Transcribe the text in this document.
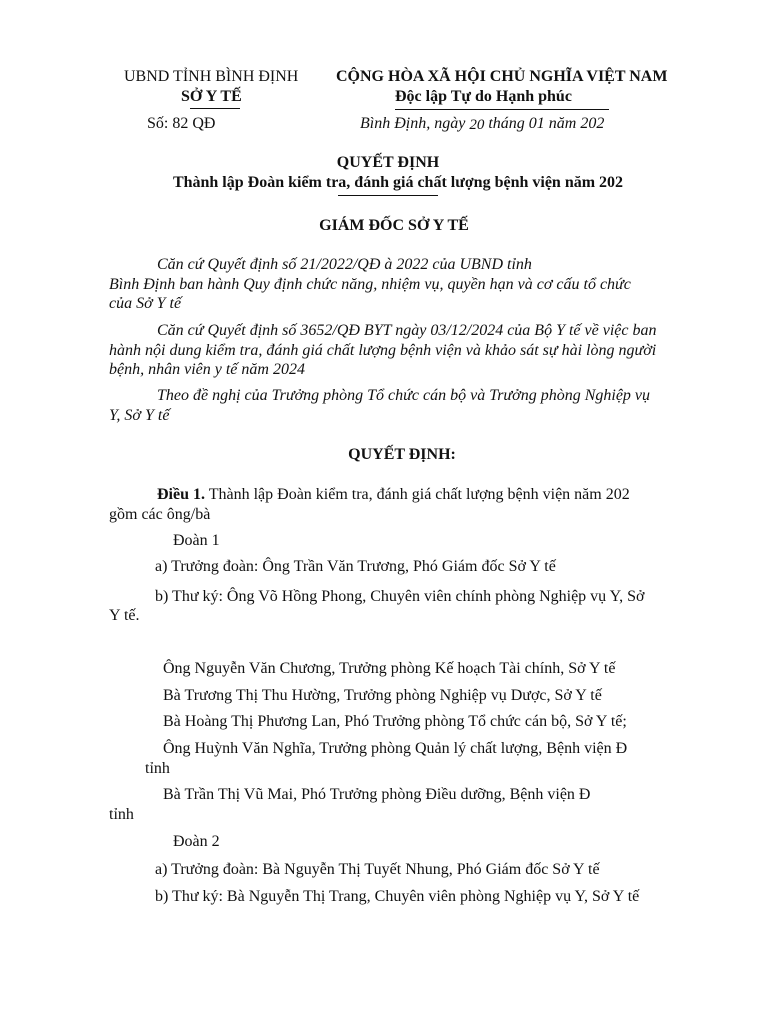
UBND TỈNH BÌNH ĐỊNH
SỞ Y TẾ
Số: 82 QĐ
CỘNG HÒA XÃ HỘI CHỦ NGHĨA VIỆT NAM
Độc lập Tự do Hạnh phúc
Bình Định, ngày 20 tháng 01 năm 202
QUYẾT ĐỊNH
Thành lập Đoàn kiểm tra, đánh giá chất lượng bệnh viện năm 202
GIÁM ĐỐC SỞ Y TẾ
Căn cứ Quyết định số 21/2022/QĐ à 2022 của UBND tỉnh
Bình Định ban hành Quy định chức năng, nhiệm vụ, quyền hạn và cơ cấu tổ chức
của Sở Y tế
Căn cứ Quyết định số 3652/QĐ BYT ngày 03/12/2024 của Bộ Y tế về việc ban
hành nội dung kiểm tra, đánh giá chất lượng bệnh viện và khảo sát sự hài lòng người
bệnh, nhân viên y tế năm 2024
Theo đề nghị của Trưởng phòng Tổ chức cán bộ và Trưởng phòng Nghiệp vụ
Y, Sở Y tế
QUYẾT ĐỊNH:
Điều 1. Thành lập Đoàn kiểm tra, đánh giá chất lượng bệnh viện năm 202
gồm các ông/bà
Đoàn 1
a) Trưởng đoàn: Ông Trần Văn Trương, Phó Giám đốc Sở Y tế
b) Thư ký: Ông Võ Hồng Phong, Chuyên viên chính phòng Nghiệp vụ Y, Sở
Y tế.
Ông Nguyễn Văn Chương, Trưởng phòng Kế hoạch Tài chính, Sở Y tế
Bà Trương Thị Thu Hường, Trưởng phòng Nghiệp vụ Dược, Sở Y tế
Bà Hoàng Thị Phương Lan, Phó Trưởng phòng Tổ chức cán bộ, Sở Y tế;
Ông Huỳnh Văn Nghĩa, Trưởng phòng Quản lý chất lượng, Bệnh viện Đ
tỉnh
Bà Trần Thị Vũ Mai, Phó Trưởng phòng Điều dưỡng, Bệnh viện Đ
tỉnh
Đoàn 2
a) Trưởng đoàn: Bà Nguyễn Thị Tuyết Nhung, Phó Giám đốc Sở Y tế
b) Thư ký: Bà Nguyễn Thị Trang, Chuyên viên phòng Nghiệp vụ Y, Sở Y tế
